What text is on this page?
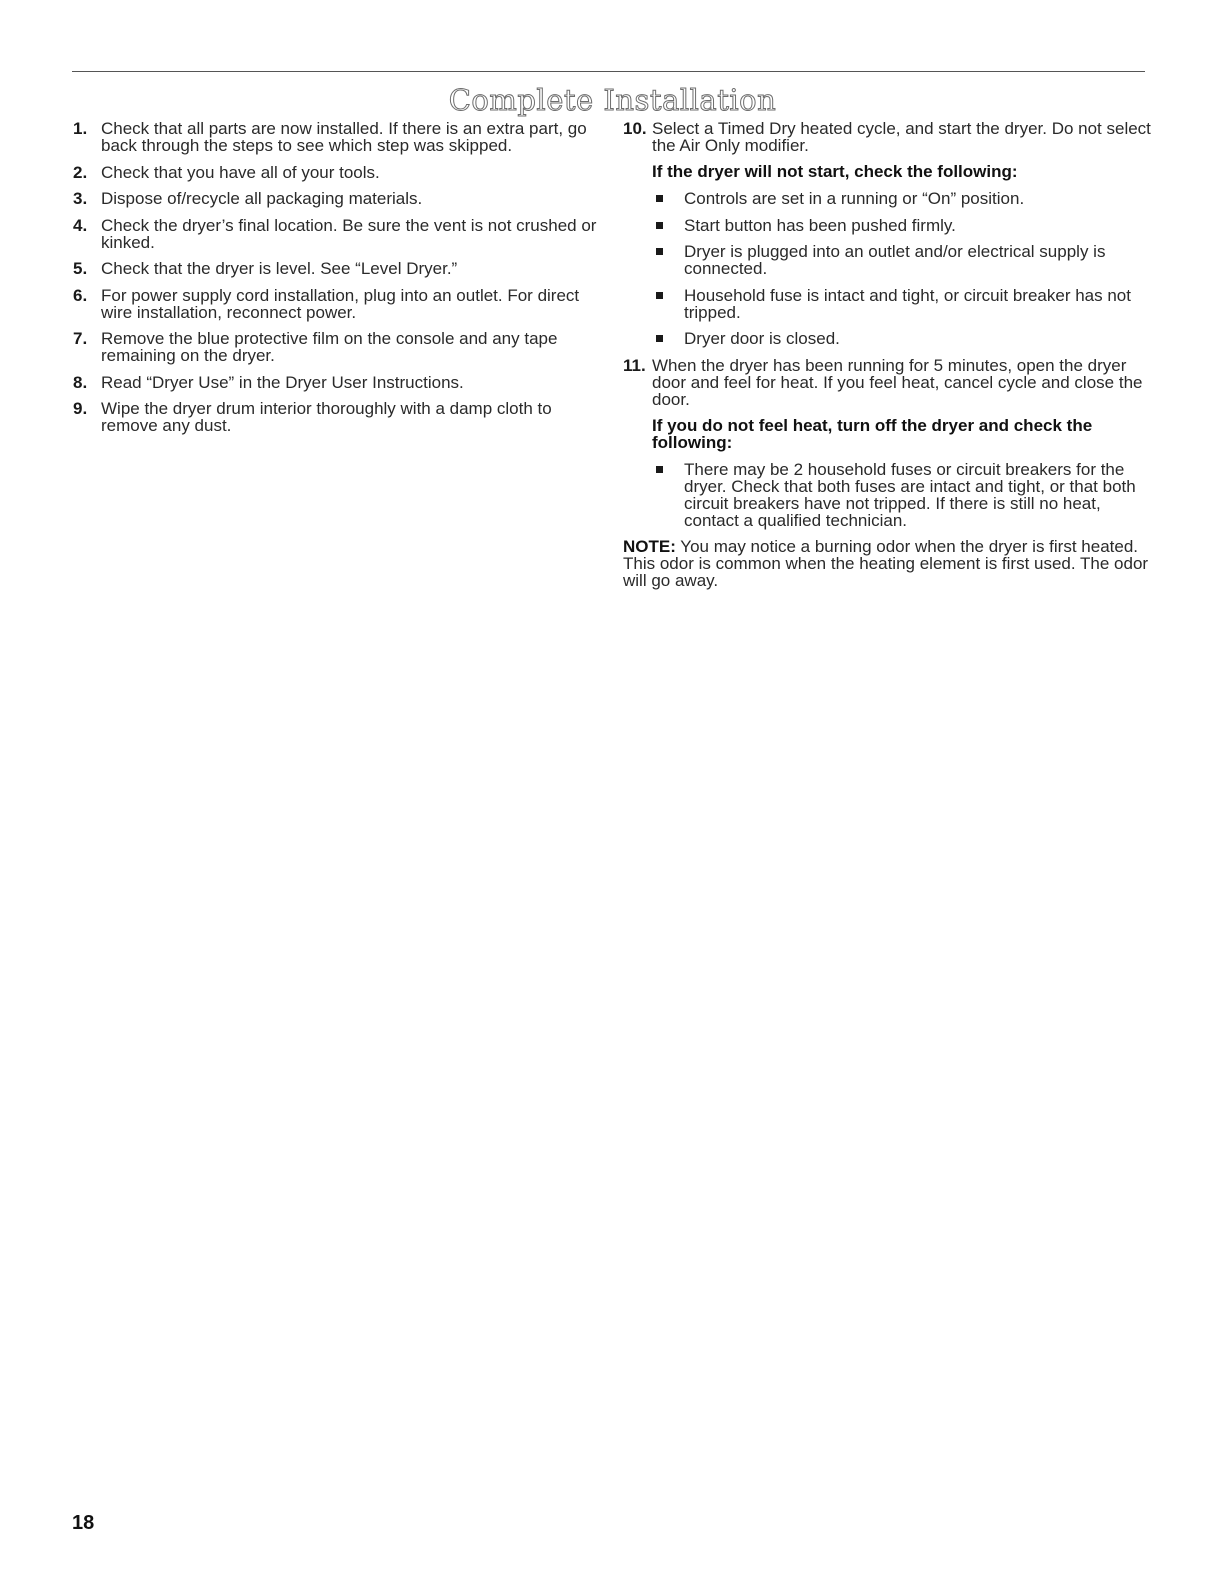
Complete Installation
1. Check that all parts are now installed. If there is an extra part, go back through the steps to see which step was skipped.
2. Check that you have all of your tools.
3. Dispose of/recycle all packaging materials.
4. Check the dryer’s final location. Be sure the vent is not crushed or kinked.
5. Check that the dryer is level. See “Level Dryer.”
6. For power supply cord installation, plug into an outlet. For direct wire installation, reconnect power.
7. Remove the blue protective film on the console and any tape remaining on the dryer.
8. Read “Dryer Use” in the Dryer User Instructions.
9. Wipe the dryer drum interior thoroughly with a damp cloth to remove any dust.
10. Select a Timed Dry heated cycle, and start the dryer. Do not select the Air Only modifier.
If the dryer will not start, check the following:
Controls are set in a running or “On” position.
Start button has been pushed firmly.
Dryer is plugged into an outlet and/or electrical supply is connected.
Household fuse is intact and tight, or circuit breaker has not tripped.
Dryer door is closed.
11. When the dryer has been running for 5 minutes, open the dryer door and feel for heat. If you feel heat, cancel cycle and close the door.
If you do not feel heat, turn off the dryer and check the following:
There may be 2 household fuses or circuit breakers for the dryer. Check that both fuses are intact and tight, or that both circuit breakers have not tripped. If there is still no heat, contact a qualified technician.

NOTE: You may notice a burning odor when the dryer is first heated. This odor is common when the heating element is first used. The odor will go away.

18
